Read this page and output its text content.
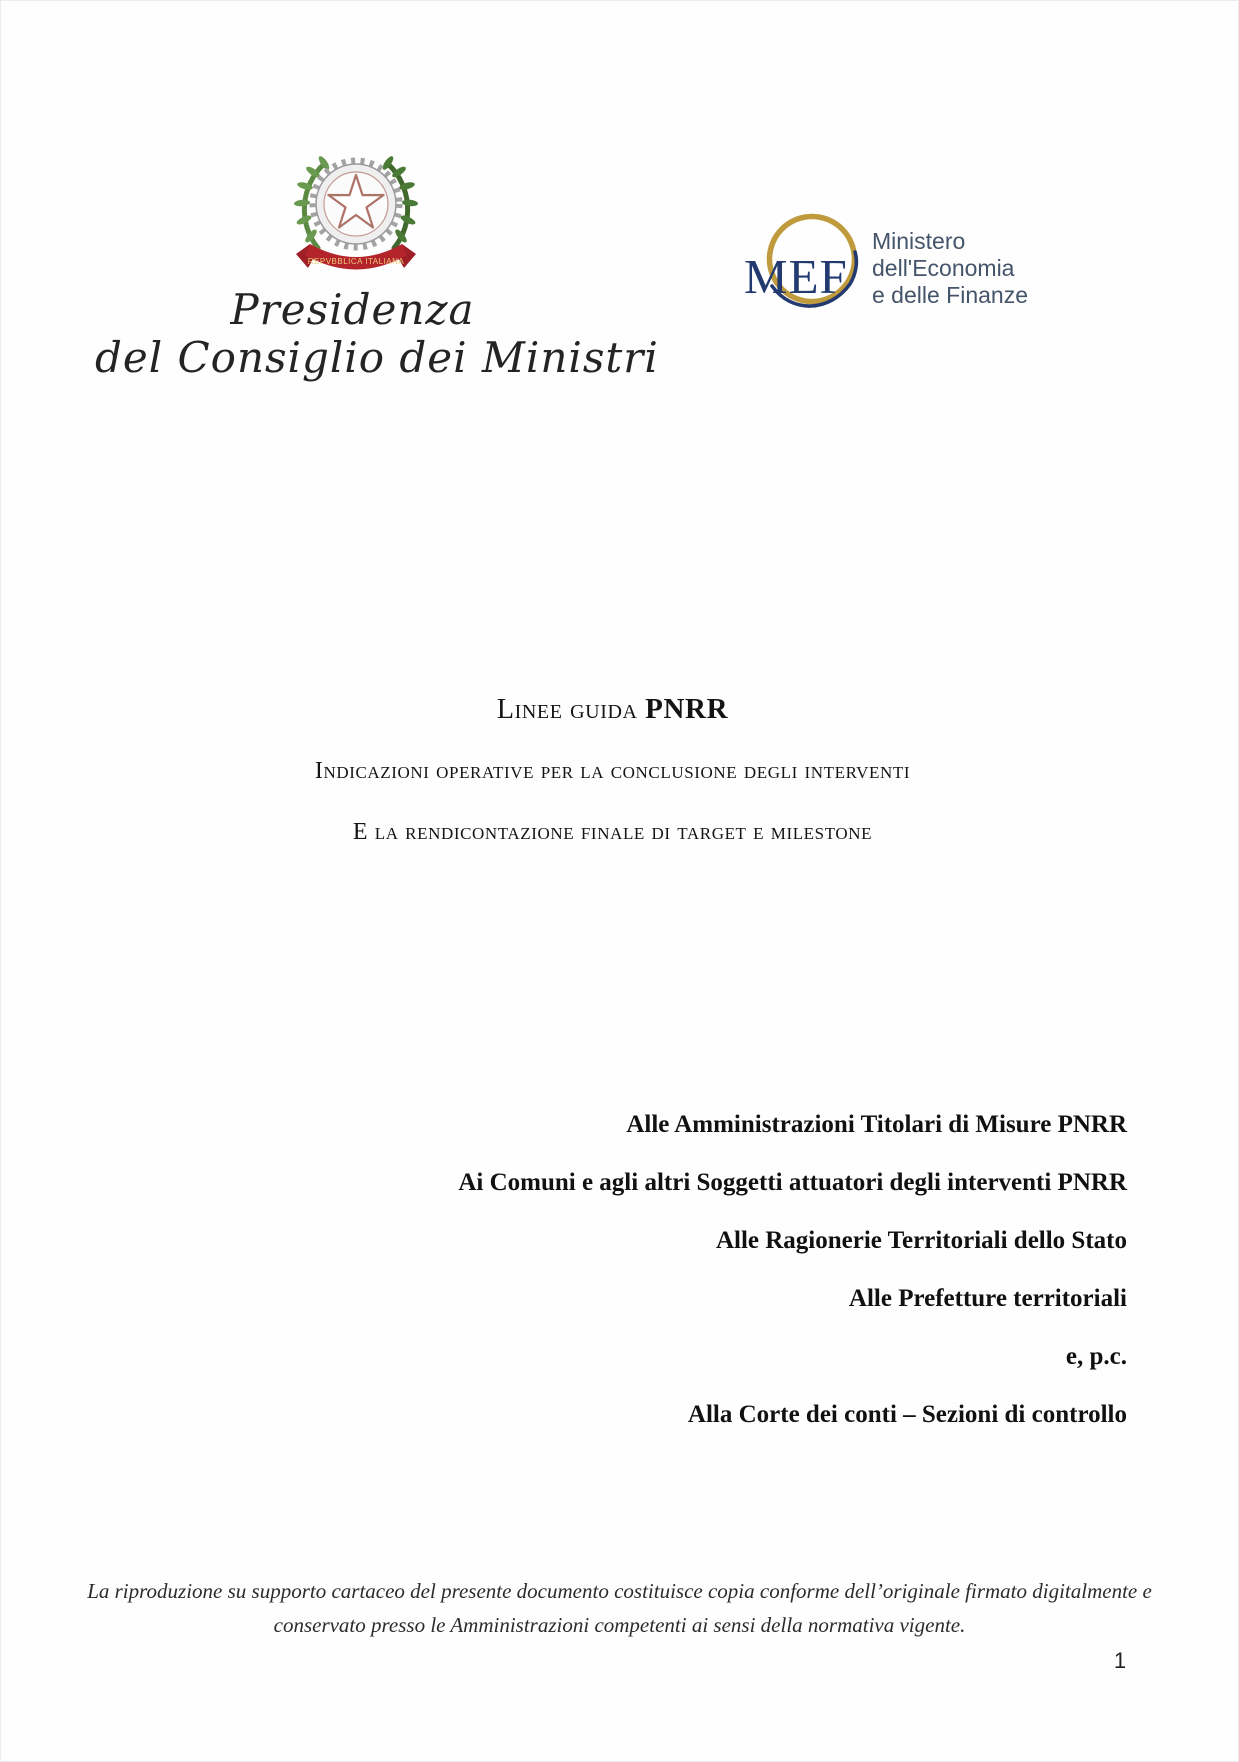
REPVBBLICA ITALIANA
Presidenza
del Consiglio dei Ministri
MEF
Ministero
dell'Economia
e delle Finanze
Linee guida PNRR
Indicazioni operative per la conclusione degli interventi
E la rendicontazione finale di target e milestone
Alle Amministrazioni Titolari di Misure PNRR
Ai Comuni e agli altri Soggetti attuatori degli interventi PNRR
Alle Ragionerie Territoriali dello Stato
Alle Prefetture territoriali
e, p.c.
Alla Corte dei conti – Sezioni di controllo
La riproduzione su supporto cartaceo del presente documento costituisce copia conforme dell’originale firmato digitalmente e
conservato presso le Amministrazioni competenti ai sensi della normativa vigente.
1
